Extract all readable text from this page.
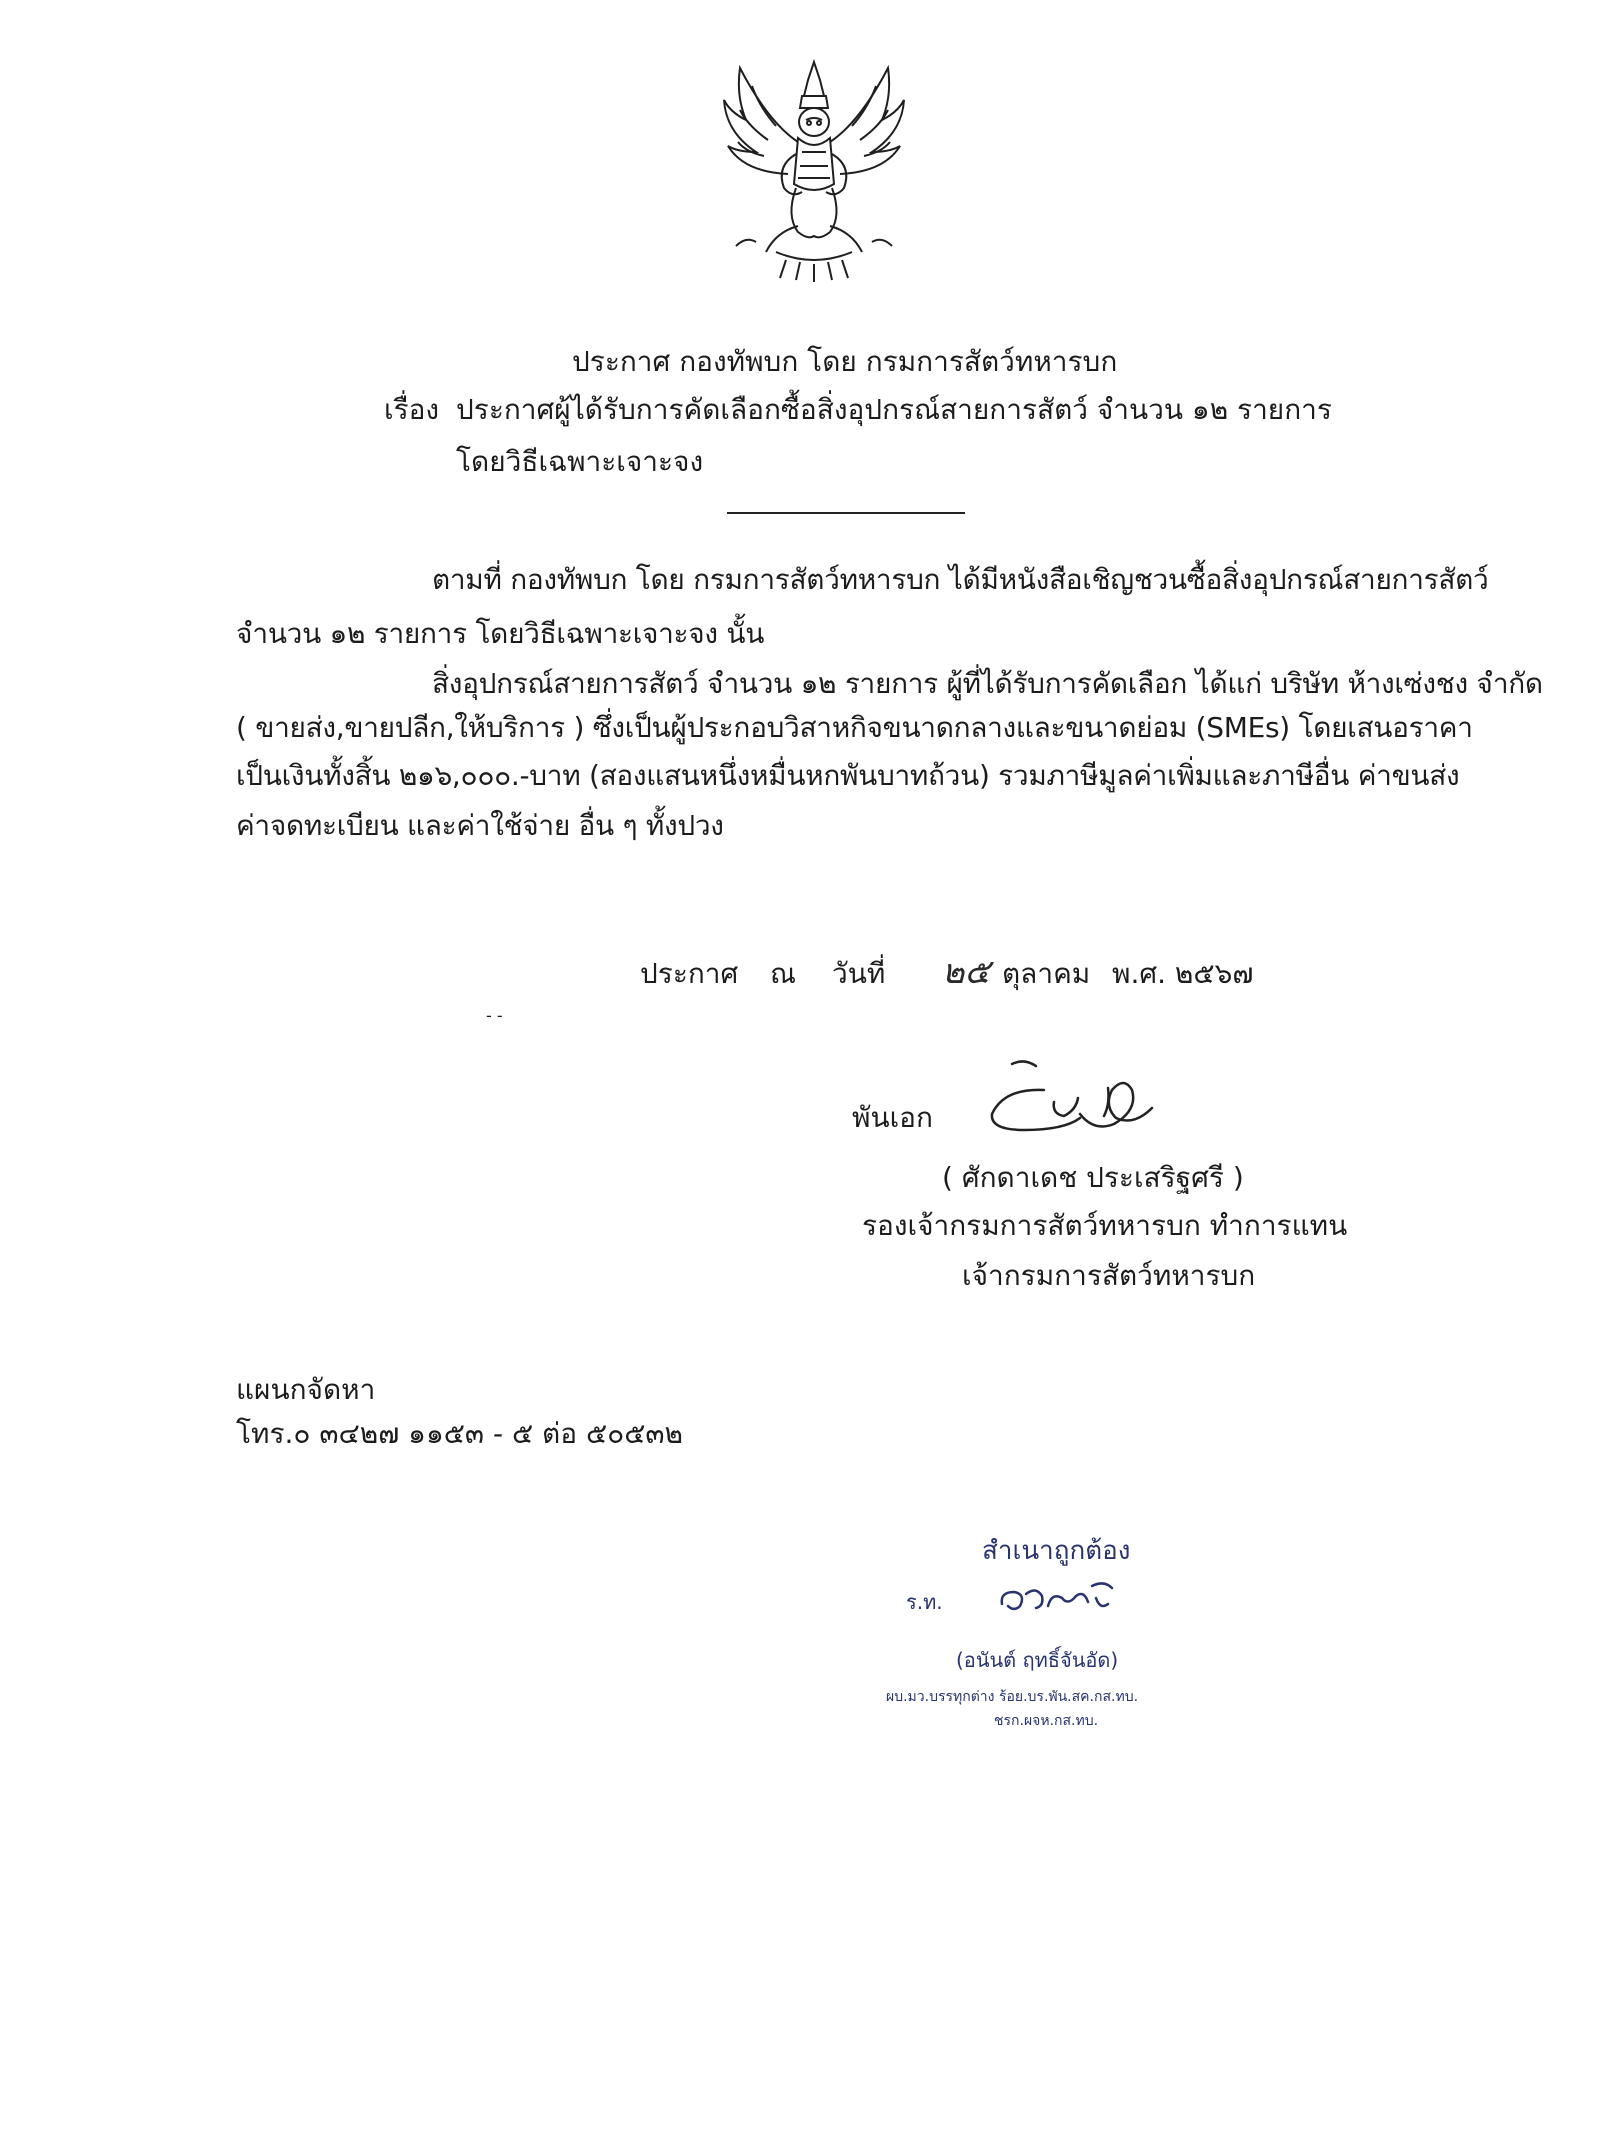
ประกาศ กองทัพบก โดย กรมการสัตว์ทหารบก
เรื่อง ประกาศผู้ได้รับการคัดเลือกซื้อสิ่งอุปกรณ์สายการสัตว์ จำนวน ๑๒ รายการ
โดยวิธีเฉพาะเจาะจง
ตามที่ กองทัพบก โดย กรมการสัตว์ทหารบก ได้มีหนังสือเชิญชวนซื้อสิ่งอุปกรณ์สายการสัตว์
จำนวน ๑๒ รายการ โดยวิธีเฉพาะเจาะจง นั้น
สิ่งอุปกรณ์สายการสัตว์ จำนวน ๑๒ รายการ ผู้ที่ได้รับการคัดเลือก ได้แก่ บริษัท ห้างเซ่งชง จำกัด
( ขายส่ง,ขายปลีก,ให้บริการ ) ซึ่งเป็นผู้ประกอบวิสาหกิจขนาดกลางและขนาดย่อม (SMEs) โดยเสนอราคา
เป็นเงินทั้งสิ้น ๒๑๖,๐๐๐.-บาท (สองแสนหนึ่งหมื่นหกพันบาทถ้วน) รวมภาษีมูลค่าเพิ่มและภาษีอื่น ค่าขนส่ง
ค่าจดทะเบียน และค่าใช้จ่าย อื่น ๆ ทั้งปวง
ประกาศ ณ วันที่ ๒๕ ตุลาคม พ.ศ. ๒๕๖๗
- -
พันเอก
( ศักดาเดช ประเสริฐศรี )
รองเจ้ากรมการสัตว์ทหารบก ทำการแทน
เจ้ากรมการสัตว์ทหารบก
แผนกจัดหา
โทร.๐ ๓๔๒๗ ๑๑๕๓ - ๕ ต่อ ๕๐๕๓๒
สำเนาถูกต้อง
ร.ท.
(อนันต์ ฤทธิ์จันอัด)
ผบ.มว.บรรทุกต่าง ร้อย.บร.พัน.สค.กส.ทบ.
ชรก.ผจห.กส.ทบ.
